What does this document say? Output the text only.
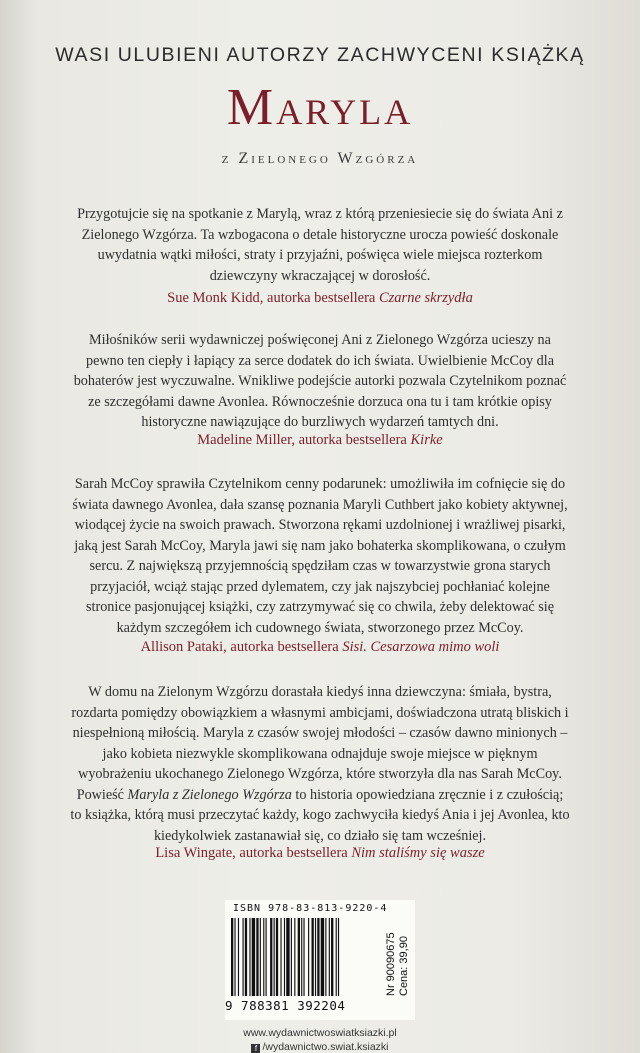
WASI ULUBIENI AUTORZY ZACHWYCENI KSIĄŻKĄ
Maryla
z Zielonego Wzgórza

Przygotujcie się na spotkanie z Marylą, wraz z którą przeniesiecie się do świata Ani z Zielonego Wzgórza. Ta wzbogacona o detale historyczne urocza powieść doskonale uwydatnia wątki miłości, straty i przyjaźni, poświęca wiele miejsca rozterkom dziewczyny wkraczającej w dorosłość.

Sue Monk Kidd, autorka bestsellera Czarne skrzydła

Miłośników serii wydawniczej poświęconej Ani z Zielonego Wzgórza ucieszy na pewno ten ciepły i łapiący za serce dodatek do ich świata. Uwielbienie McCoy dla bohaterów jest wyczuwalne. Wnikliwe podejście autorki pozwala Czytelnikom poznać ze szczegółami dawne Avonlea. Równocześnie dorzuca ona tu i tam krótkie opisy historyczne nawiązujące do burzliwych wydarzeń tamtych dni.

Madeline Miller, autorka bestsellera Kirke

Sarah McCoy sprawiła Czytelnikom cenny podarunek: umożliwiła im cofnięcie się do świata dawnego Avonlea, dała szansę poznania Maryli Cuthbert jako kobiety aktywnej, wiodącej życie na swoich prawach. Stworzona rękami uzdolnionej i wrażliwej pisarki, jaką jest Sarah McCoy, Maryla jawi się nam jako bohaterka skomplikowana, o czułym sercu. Z największą przyjemnością spędziłam czas w towarzystwie grona starych przyjaciół, wciąż stając przed dylematem, czy jak najszybciej pochłaniać kolejne stronice pasjonującej książki, czy zatrzymywać się co chwila, żeby delektować się każdym szczegółem ich cudownego świata, stworzonego przez McCoy.

Allison Pataki, autorka bestsellera Sisi. Cesarzowa mimo woli

W domu na Zielonym Wzgórzu dorastała kiedyś inna dziewczyna: śmiała, bystra, rozdarta pomiędzy obowiązkiem a własnymi ambicjami, doświadczona utratą bliskich i niespełnioną miłością. Maryla z czasów swojej młodości – czasów dawno minionych – jako kobieta niezwykle skomplikowana odnajduje swoje miejsce w pięknym wyobrażeniu ukochanego Zielonego Wzgórza, które stworzyła dla nas Sarah McCoy. Powieść Maryla z Zielonego Wzgórza to historia opowiedziana zręcznie i z czułością; to książka, którą musi przeczytać każdy, kogo zachwyciła kiedyś Ania i jej Avonlea, kto kiedykolwiek zastanawiał się, co działo się tam wcześniej.

Lisa Wingate, autorka bestsellera Nim staliśmy się wasze
ISBN 978-83-813-9220-4
9 788381 392204
Nr 90090675 Cena: 39,90
www.wydawnictwoswiatksiazki.pl
f /wydawnictwo.swiat.ksiazki
